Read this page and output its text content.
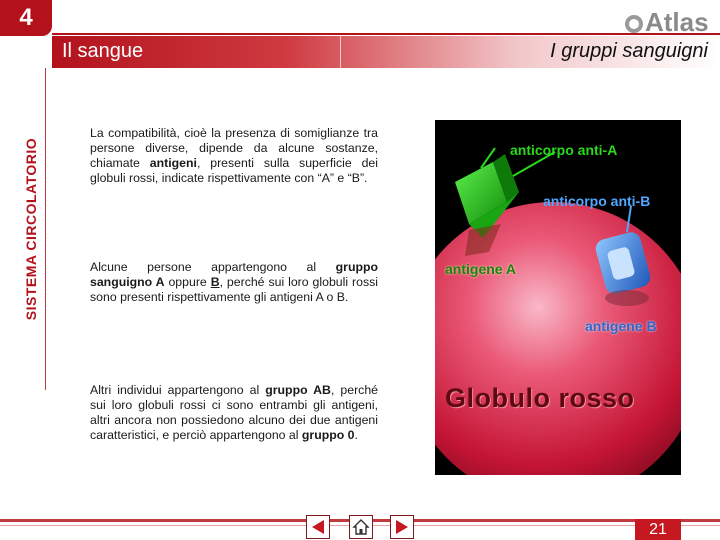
4	Atlas
Il sangue	I gruppi sanguigni
SISTEMA CIRCOLATORIO
La compatibilità, cioè la presenza di somiglianze tra persone diverse, dipende da alcune sostanze, chiamate antigeni, presenti sulla superficie dei globuli rossi, indicate rispettivamente con “A” e “B”.
Alcune persone appartengono al gruppo sanguigno A oppure B, perché sui loro globuli rossi sono presenti rispettivamente gli antigeni A o B.
Altri individui appartengono al gruppo AB, perché sui loro globuli rossi ci sono entrambi gli antigeni, altri ancora non possiedono alcuno dei due antigeni caratteristici, e perciò appartengono al gruppo 0.
anticorpo anti-A
anticorpo anti-B
antigene A
antigene B
Globulo rosso
21
